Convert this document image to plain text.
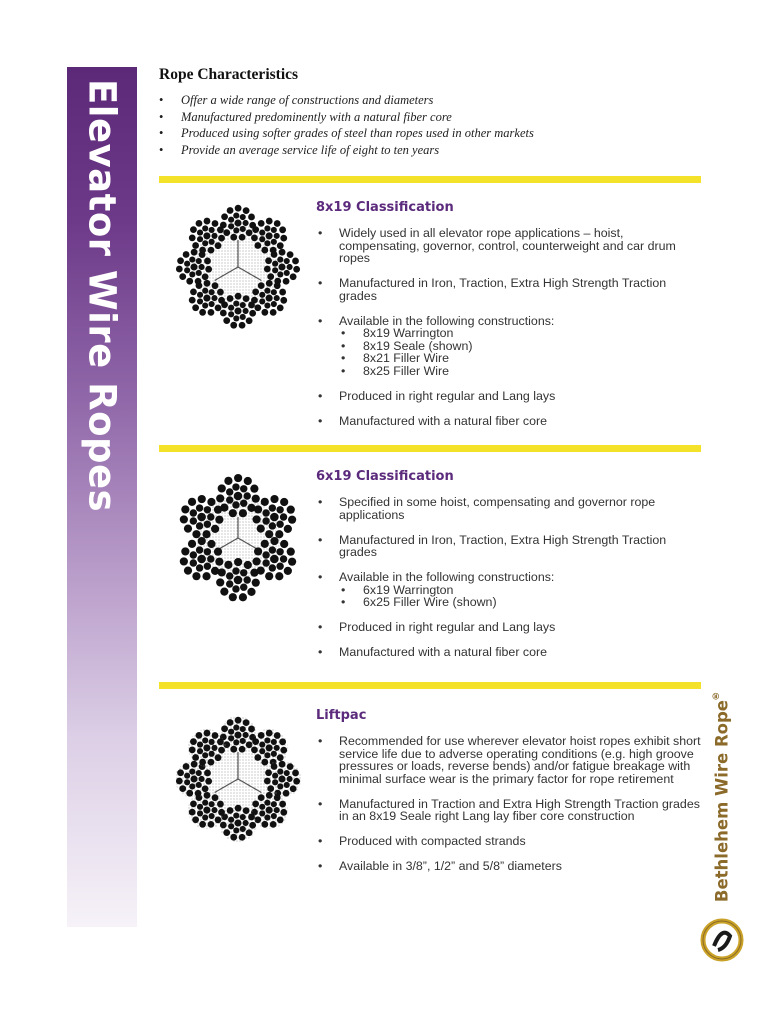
Elevator Wire Ropes
Rope Characteristics
• Offer a wide range of constructions and diameters
• Manufactured predominently with a natural fiber core
• Produced using softer grades of steel than ropes used in other markets
• Provide an average service life of eight to ten years
8x19 Classification
• Widely used in all elevator rope applications – hoist, compensating, governor, control, counterweight and car drum ropes
• Manufactured in Iron, Traction, Extra High Strength Traction grades
• Available in the following constructions:
• 8x19 Warrington
• 8x19 Seale (shown)
• 8x21 Filler Wire
• 8x25 Filler Wire
• Produced in right regular and Lang lays
• Manufactured with a natural fiber core
6x19 Classification
• Specified in some hoist, compensating and governor rope applications
• Manufactured in Iron, Traction, Extra High Strength Traction grades
• Available in the following constructions:
• 6x19 Warrington
• 6x25 Filler Wire (shown)
• Produced in right regular and Lang lays
• Manufactured with a natural fiber core
Liftpac
• Recommended for use wherever elevator hoist ropes exhibit short service life due to adverse operating conditions (e.g. high groove pressures or loads, reverse bends) and/or fatigue breakage with minimal surface wear is the primary factor for rope retirement
• Manufactured in Traction and Extra High Strength Traction grades in an 8x19 Seale right Lang lay fiber core construction
• Produced with compacted strands
• Available in 3/8”, 1/2” and 5/8” diameters	Bethlehem Wire Rope®
